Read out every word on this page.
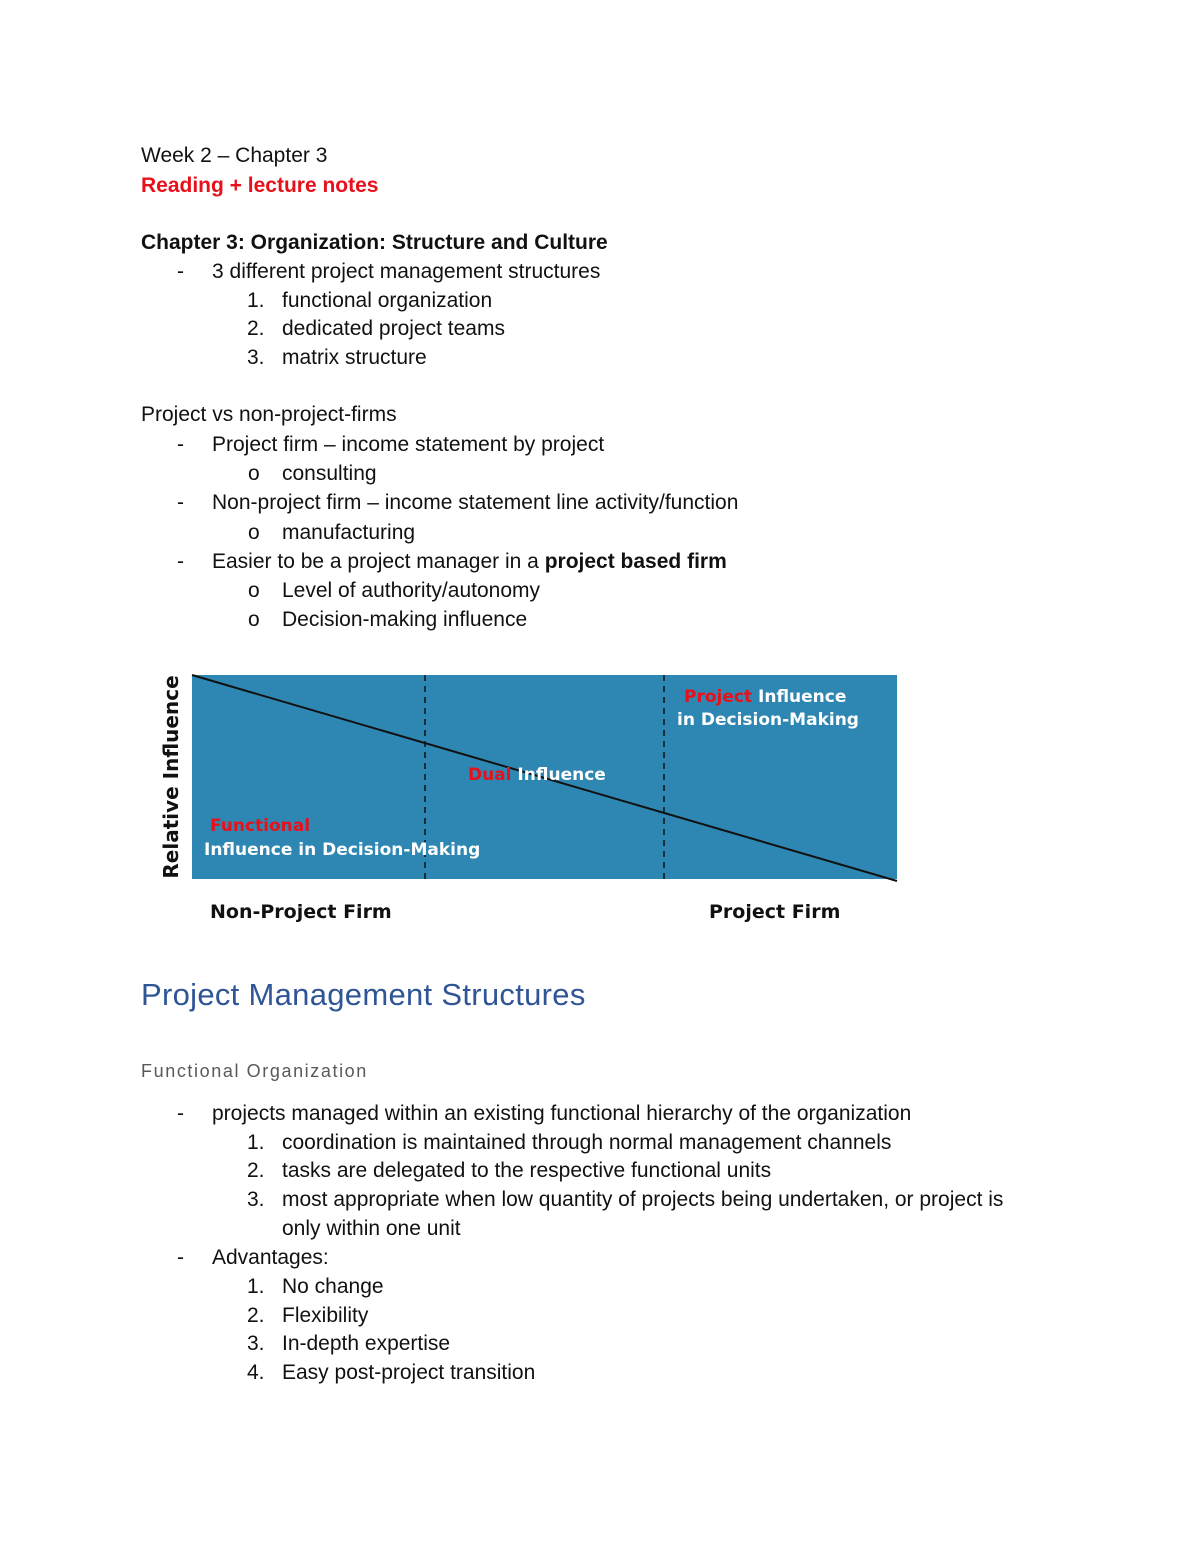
Week 2 – Chapter 3
Reading + lecture notes
Chapter 3: Organization: Structure and Culture
- 3 different project management structures
1. functional organization
2. dedicated project teams
3. matrix structure
Project vs non-project-firms
- Project firm – income statement by project
o consulting
- Non-project firm – income statement line activity/function
o manufacturing
- Easier to be a project manager in a project based firm
o Level of authority/autonomy
o Decision-making influence
Relative Influence Functional
Influence in Decision-Making
Dual Influence
Project Influence
in Decision-Making
Non-Project Firm	Project Firm
Project Management Structures
Functional Organization
- projects managed within an existing functional hierarchy of the organization
1. coordination is maintained through normal management channels
2. tasks are delegated to the respective functional units
3. most appropriate when low quantity of projects being undertaken, or project is
only within one unit
- Advantages:
1. No change
2. Flexibility
3. In-depth expertise
4. Easy post-project transition
